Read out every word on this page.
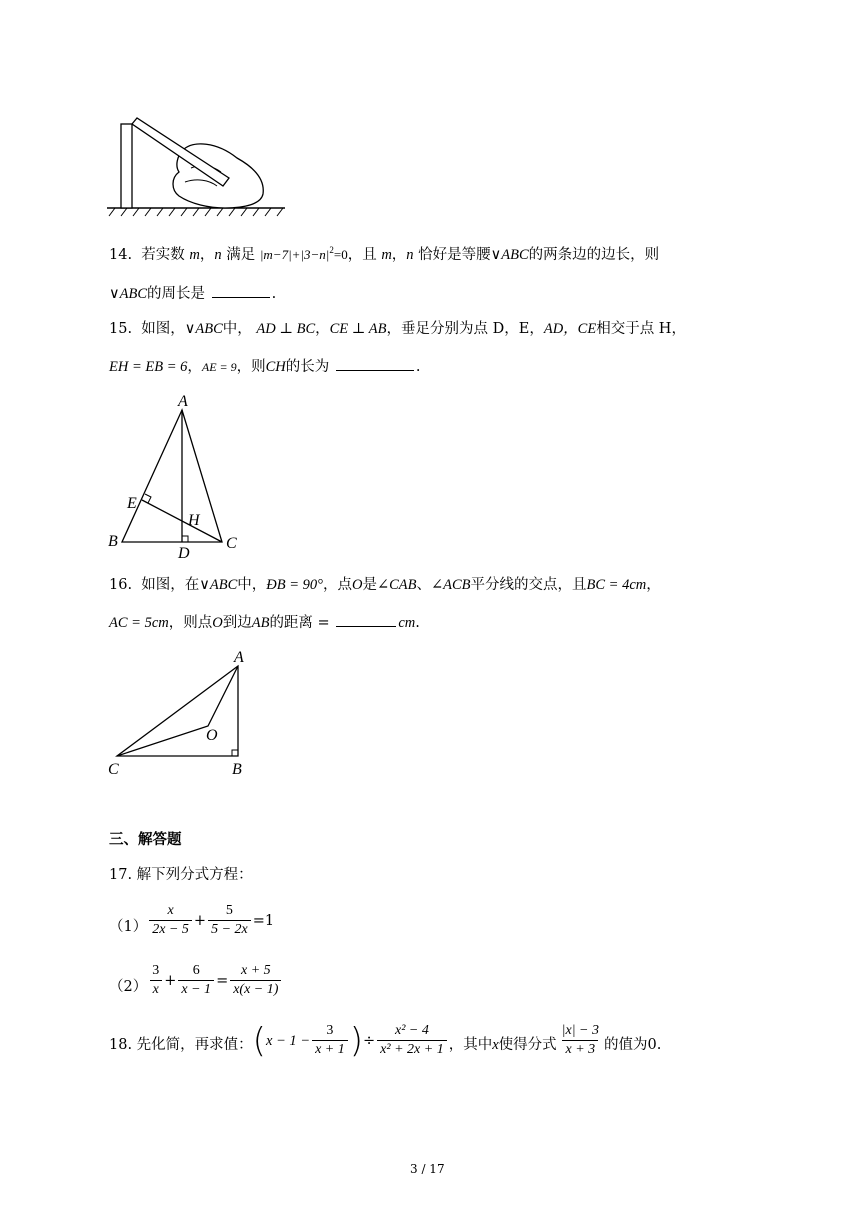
14. 若实数 m，n 满足 $|m-7|+|3-n|^2=0$，且 m，n 恰好是等腰∨ABC的两条边的边长，则
∨ABC的周长是	.
15. 如图，∨ABC中， AD ⊥ BC，CE ⊥ AB，垂足分别为点 D，E，AD，CE相交于点 H，
EH = EB = 6，AE = 9，则CH的长为	.
A
B	C
D
E
H
16. 如图，在∨ABC中，ÐB = 90°，点O是∠CAB、∠ACB平分线的交点，且BC = 4cm，
AC = 5cm，则点O到边AB的距离 =	cm.
A
C	B
O
三、解答题
17. 解下列分式方程：
$(1) \frac{x}{2x - 5} + \frac{5}{5 - 2x} =1$
$(2) \frac{3}{x} + \frac{6}{x - 1} = \frac{x + 5}{x(x - 1)}$
18. 先化简，再求值： ( $x - 1 - \frac{3}{x + 1}$ ) ÷ $\frac{\text{x² − 4}}{\text{x² + 2x + 1}}$ ，其中x使得分式 $\frac{|x| - 3}{x + 3}$ 的值为0.
3 / 17
